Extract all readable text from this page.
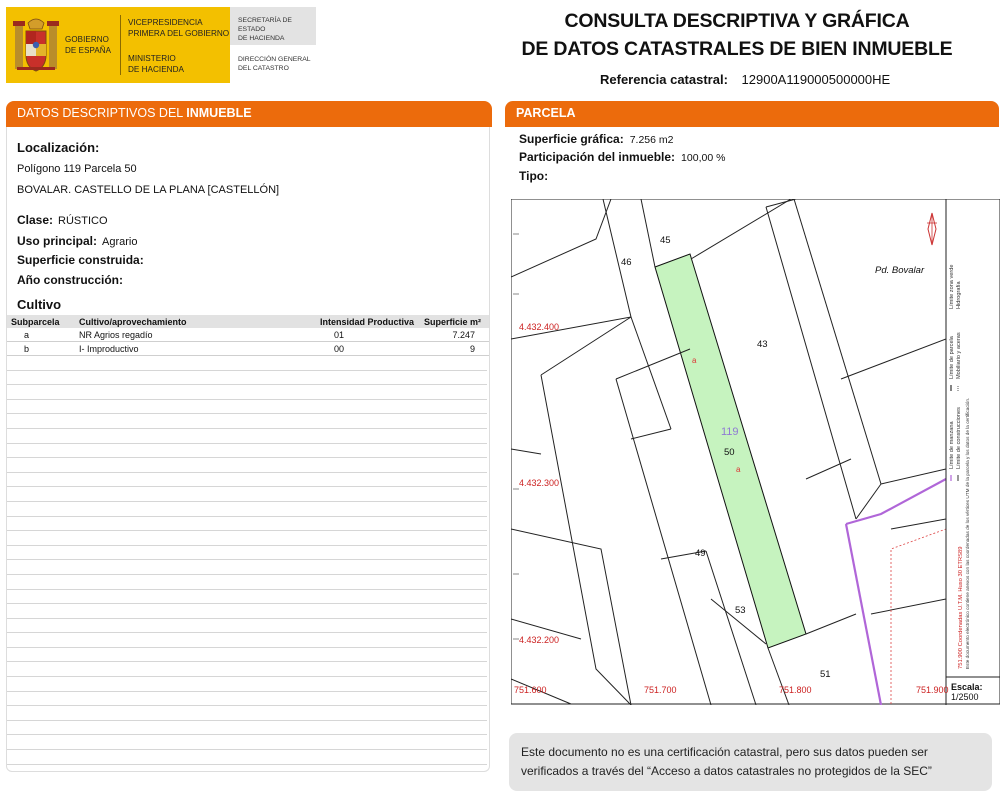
GOBIERNO
DE ESPAÑA
VICEPRESIDENCIA
PRIMERA DEL GOBIERNO
MINISTERIO
DE HACIENDA
SECRETARÍA DE ESTADO
DE HACIENDA
DIRECCIÓN GENERAL
DEL CATASTRO
CONSULTA DESCRIPTIVA Y GRÁFICA
DE DATOS CATASTRALES DE BIEN INMUEBLE
Referencia catastral: 12900A119000500000HE
DATOS DESCRIPTIVOS DEL INMUEBLE
Localización:
Polígono 119 Parcela 50
BOVALAR. CASTELLO DE LA PLANA [CASTELLÓN]
Clase: RÚSTICO
Uso principal: Agrario
Superficie construida:
Año construcción:
Cultivo
Subparcela Cultivo/aprovechamiento	Intensidad Productiva Superficie m²
a	NR Agrios regadío	01	7.247
b	I- Improductivo	00	9
PARCELA
Superficie gráfica: 7.256 m2
Participación del inmueble: 100,00 %
Tipo:
45
46
43
119
50
49
53
51
a
a
Pd. Bovalar
4.432.400
4.432.300
4.432.200
751.600	751.700	751.800	751.900
Límite de manzana
Límite de parcela
Límite de construcciones
Mobiliario y aceras
Límite zona verde Hidrografía
751.900 Coordenadas U.T.M. Huso 30 ETRS89 Este documento electrónico contiene anexos con las coordenadas de los vértices UTM de la parcela y los datos de la certificación.
Escala:
1/2500
Este documento no es una certificación catastral, pero sus datos pueden ser verificados a través del “Acceso a datos catastrales no protegidos de la SEC”
